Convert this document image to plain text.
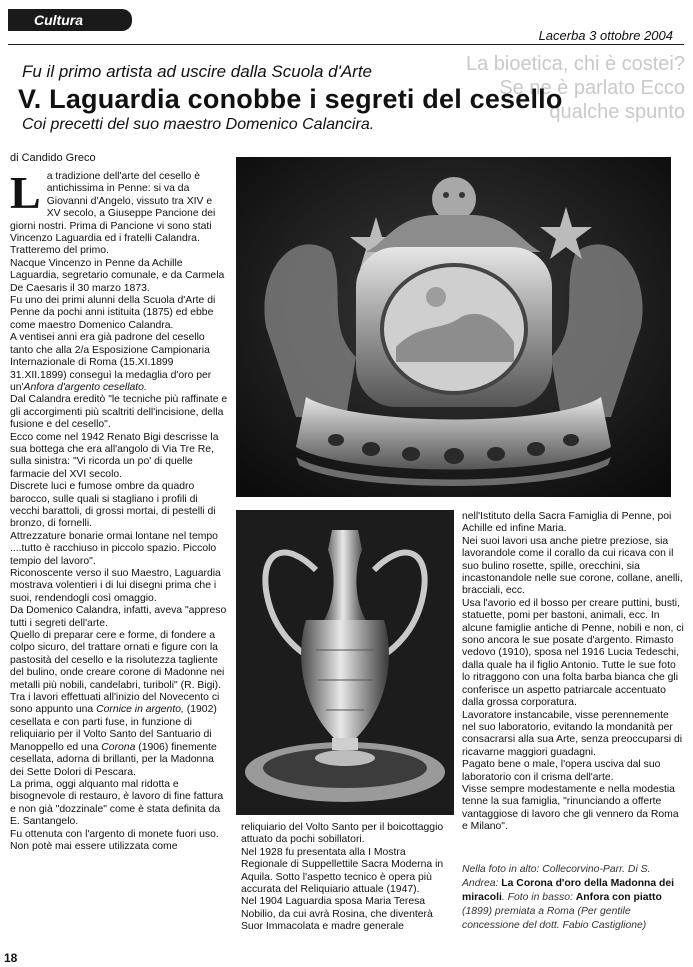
Cultura
Lacerba 3 ottobre 2004
La bioetica, chi è costei? Se ne è parlato Ecco qualche spunto
Fu il primo artista ad uscire dalla Scuola d'Arte
V. Laguardia conobbe i segreti del cesello
Coi precetti del suo maestro Domenico Calancira.
di Candido Greco

La tradizione dell'arte del cesello è antichissima in Penne: si va da Giovanni d'Angelo, vissuto tra XIV e XV secolo, a Giuseppe Pancione dei giorni nostri. Prima di Pancione vi sono stati Vincenzo Laguardia ed i fratelli Calandra.

Tratteremo del primo.

Nacque Vincenzo in Penne da Achille Laguardia, segretario comunale, e da Carmela De Caesaris il 30 marzo 1873.

Fu uno dei primi alunni della Scuola d'Arte di Penne da pochi anni istituita (1875) ed ebbe come maestro Domenico Calandra.

A ventisei anni era già padrone del cesello tanto che alla 2/a Esposizione Campionaria Internazionale di Roma (15.XI.1899 31.XII.1899) conseguì la medaglia d'oro per un'Anfora d'argento cesellato.

Dal Calandra ereditò "le tecniche più raffinate e gli accorgimenti più scaltriti dell'incisione, della fusione e del cesello".

Ecco come nel 1942 Renato Bigi descrisse la sua bottega che era all'angolo di Via Tre Re, sulla sinistra: "Vi ricorda un po' di quelle farmacie del XVI secolo.

Discrete luci e fumose ombre da quadro barocco, sulle quali si stagliano i profili di vecchi barattoli, di grossi mortai, di pestelli di bronzo, di fornelli.

Attrezzature bonarie ormai lontane nel tempo ....tutto è racchiuso in piccolo spazio. Piccolo tempio del lavoro".

Riconoscente verso il suo Maestro, Laguardia mostrava volentieri i di lui disegni prima che i suoi, rendendogli così omaggio.

Da Domenico Calandra, infatti, aveva "appreso tutti i segreti dell'arte.

Quello di preparar cere e forme, di fondere a colpo sicuro, del trattare ornati e figure con la pastosità del cesello e la risolutezza tagliente del bulino, onde creare corone di Madonne nei metalli più nobili, candelabri, turiboli" (R. Bigi).

Tra i lavori effettuati all'inizio del Novecento ci sono appunto una Cornice in argento, (1902) cesellata e con parti fuse, in funzione di reliquiario per il Volto Santo del Santuario di Manoppello ed una Corona (1906) finemente cesellata, adorna di brillanti, per la Madonna dei Sette Dolori di Pescara.

La prima, oggi alquanto mal ridotta e bisognevole di restauro, è lavoro di fine fattura e non già "dozzinale" come è stata definita da E. Santangelo.

Fu ottenuta con l'argento di monete fuori uso.

Non potè mai essere utilizzata come

reliquiario del Volto Santo per il boicottaggio attuato da pochi sobillatori.

Nel 1928 fu presentata alla I Mostra Regionale di Suppellettile Sacra Moderna in Aquila. Sotto l'aspetto tecnico è opera più accurata del Reliquiario attuale (1947).

Nel 1904 Laguardia sposa Maria Teresa Nobilio, da cui avrà Rosina, che diventerà Suor Immacolata e madre generale

nell'Istituto della Sacra Famiglia di Penne, poi Achille ed infine Maria.

Nei suoi lavori usa anche pietre preziose, sia lavorandole come il corallo da cui ricava con il suo bulino rosette, spille, orecchini, sia incastonandole nelle sue corone, collane, anelli, bracciali, ecc.

Usa l'avorio ed il bosso per creare puttini, busti, statuette, pomi per bastoni, animali, ecc. In alcune famiglie antiche di Penne, nobili e non, ci sono ancora le sue posate d'argento. Rimasto vedovo (1910), sposa nel 1916 Lucia Tedeschi, dalla quale ha il figlio Antonio. Tutte le sue foto lo ritraggono con una folta barba bianca che gli conferisce un aspetto patriarcale accentuato dalla grossa corporatura.

Lavoratore instancabile, visse perennemente nel suo laboratorio, evitando la mondanità per consacrarsi alla sua Arte, senza preoccuparsi di ricavarne maggiori guadagni.

Pagato bene o male, l'opera usciva dal suo laboratorio con il crisma dell'arte.

Visse sempre modestamente e nella modestia tenne la sua famiglia, "rinunciando a offerte vantaggiose di lavoro che gli vennero da Roma e Milano".

Nella foto in alto: Collecorvino-Parr. Di S. Andrea: La Corona d'oro della Madonna dei miracoli. Foto in basso: Anfora con piatto (1899) premiata a Roma (Per gentile concessione del dott. Fabio Castiglione)
18
